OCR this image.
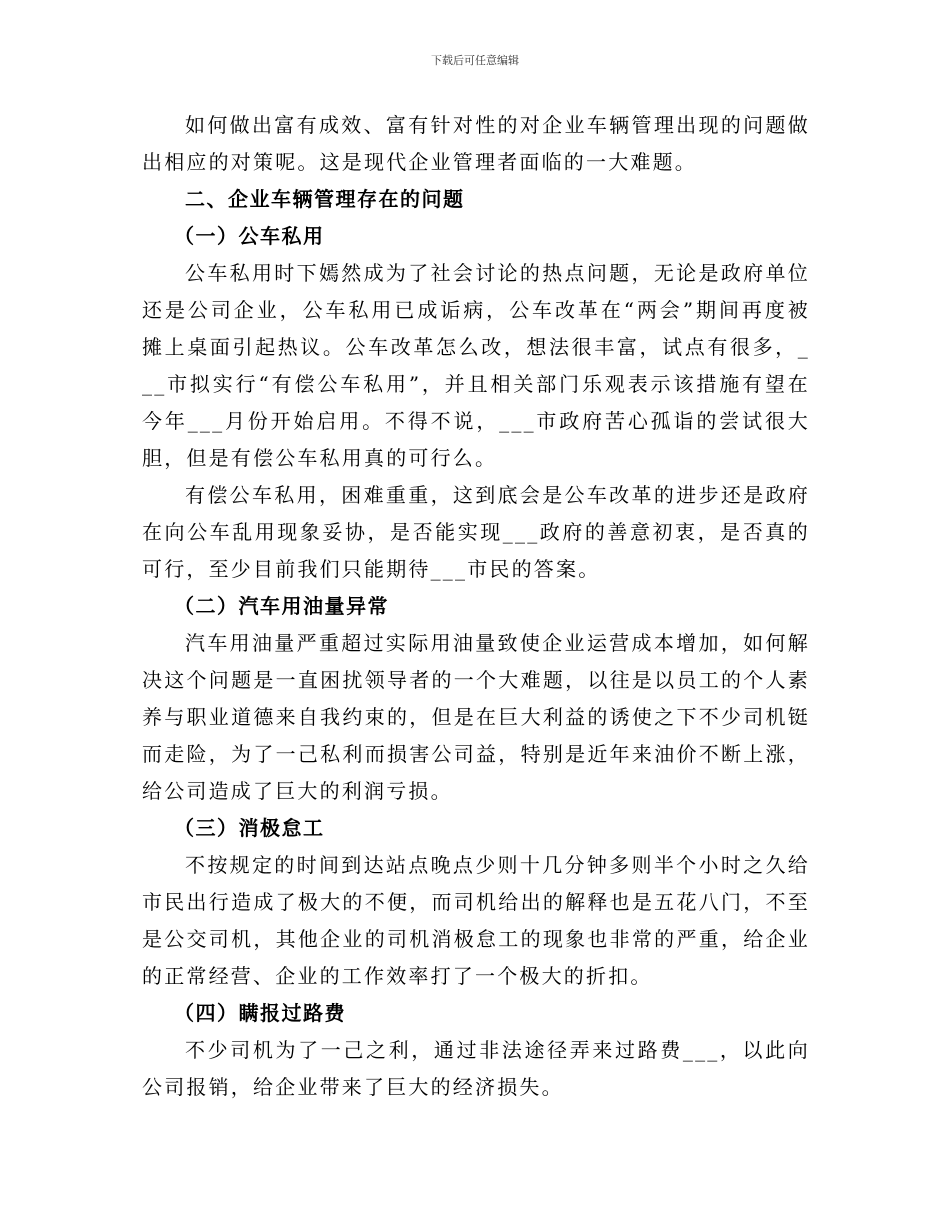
下载后可任意编辑

如何做出富有成效、富有针对性的对企业车辆管理出现的问题做出相应的对策呢。这是现代企业管理者面临的一大难题。

二、企业车辆管理存在的问题

（一）公车私用

公车私用时下嫣然成为了社会讨论的热点问题，无论是政府单位还是公司企业，公车私用已成诟病，公车改革在“两会”期间再度被摊上桌面引起热议。公车改革怎么改，想法很丰富，试点有很多，___市拟实行“有偿公车私用”，并且相关部门乐观表示该措施有望在今年___月份开始启用。不得不说，___市政府苦心孤诣的尝试很大胆，但是有偿公车私用真的可行么。

有偿公车私用，困难重重，这到底会是公车改革的进步还是政府在向公车乱用现象妥协，是否能实现___政府的善意初衷，是否真的可行，至少目前我们只能期待___市民的答案。

（二）汽车用油量异常

汽车用油量严重超过实际用油量致使企业运营成本增加，如何解决这个问题是一直困扰领导者的一个大难题，以往是以员工的个人素养与职业道德来自我约束的，但是在巨大利益的诱使之下不少司机铤而走险，为了一己私利而损害公司益，特别是近年来油价不断上涨，给公司造成了巨大的利润亏损。

（三）消极怠工

不按规定的时间到达站点晚点少则十几分钟多则半个小时之久给市民出行造成了极大的不便，而司机给出的解释也是五花八门，不至是公交司机，其他企业的司机消极怠工的现象也非常的严重，给企业的正常经营、企业的工作效率打了一个极大的折扣。

（四）瞒报过路费

不少司机为了一己之利，通过非法途径弄来过路费___，以此向公司报销，给企业带来了巨大的经济损失。
